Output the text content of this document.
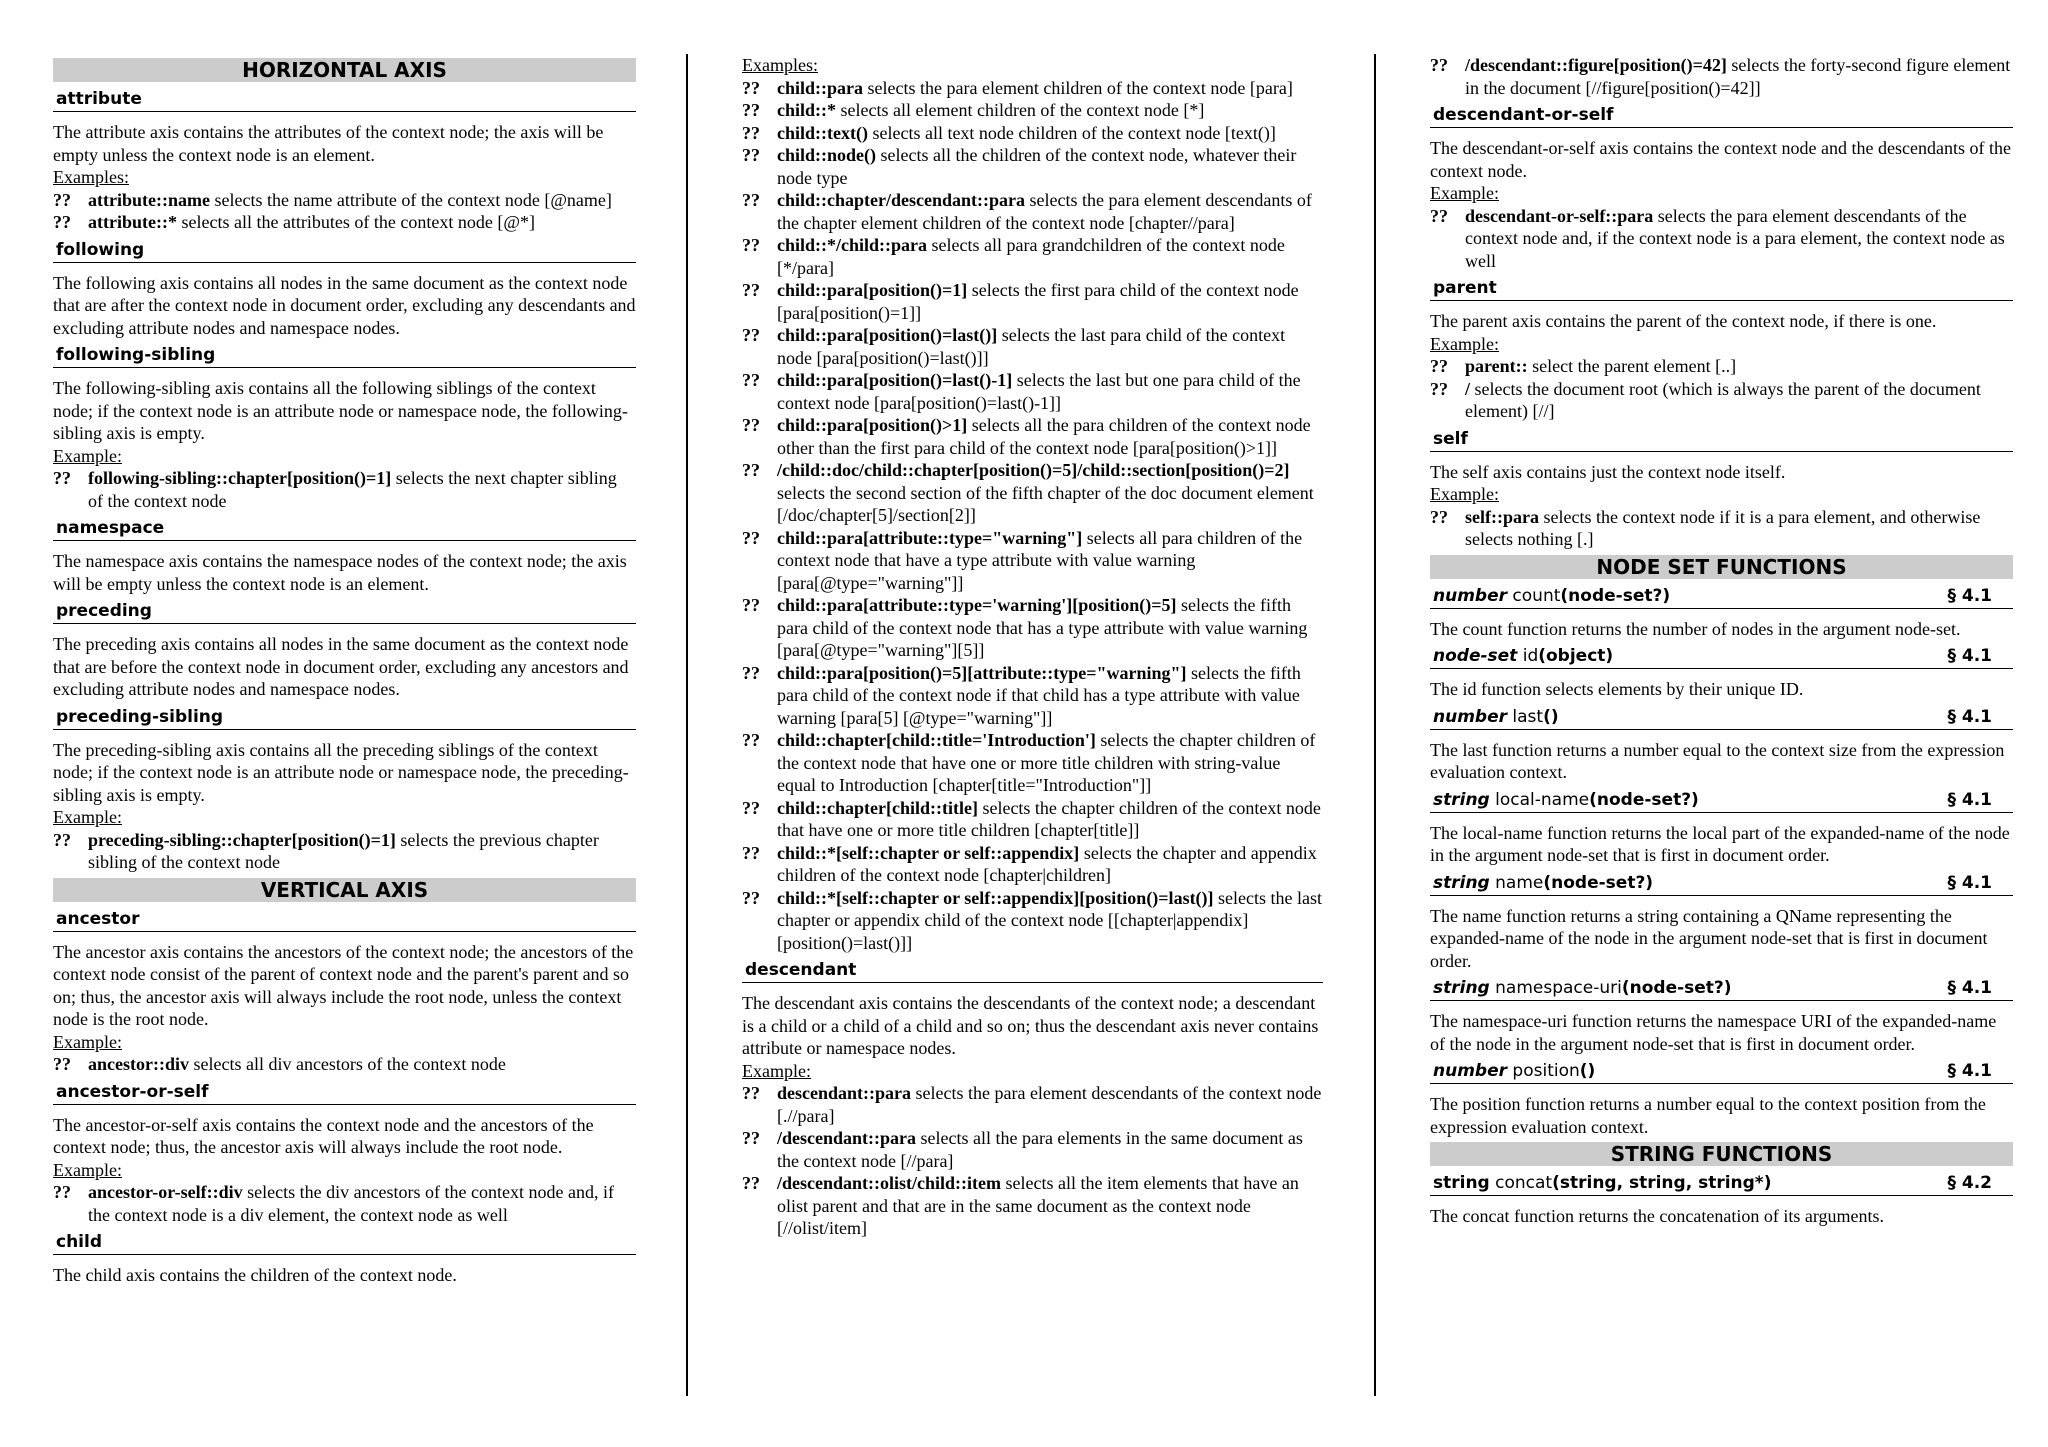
HORIZONTAL AXIS
attribute

The attribute axis contains the attributes of the context node; the axis will be empty unless the context node is an element.

Examples:
?? attribute::name selects the name attribute of the context node [@name]
?? attribute::* selects all the attributes of the context node [@*]
following

The following axis contains all nodes in the same document as the context node that are after the context node in document order, excluding any descendants and excluding attribute nodes and namespace nodes.

following-sibling

The following-sibling axis contains all the following siblings of the context node; if the context node is an attribute node or namespace node, the following-sibling axis is empty.

Example:
?? following-sibling::chapter[position()=1] selects the next chapter sibling of the context node
namespace

The namespace axis contains the namespace nodes of the context node; the axis will be empty unless the context node is an element.

preceding

The preceding axis contains all nodes in the same document as the context node that are before the context node in document order, excluding any ancestors and excluding attribute nodes and namespace nodes.

preceding-sibling

The preceding-sibling axis contains all the preceding siblings of the context node; if the context node is an attribute node or namespace node, the preceding-sibling axis is empty.

Example:
?? preceding-sibling::chapter[position()=1] selects the previous chapter sibling of the context node
VERTICAL AXIS
ancestor

The ancestor axis contains the ancestors of the context node; the ancestors of the context node consist of the parent of context node and the parent's parent and so on; thus, the ancestor axis will always include the root node, unless the context node is the root node.

Example:
?? ancestor::div selects all div ancestors of the context node
ancestor-or-self

The ancestor-or-self axis contains the context node and the ancestors of the context node; thus, the ancestor axis will always include the root node.

Example:
?? ancestor-or-self::div selects the div ancestors of the context node and, if the context node is a div element, the context node as well
child

The child axis contains the children of the context node.

Examples:
?? child::para selects the para element children of the context node [para]
?? child::* selects all element children of the context node [*]
?? child::text() selects all text node children of the context node [text()]
?? child::node() selects all the children of the context node, whatever their node type
?? child::chapter/descendant::para selects the para element descendants of the chapter element children of the context node [chapter//para]
?? child::*/child::para selects all para grandchildren of the context node [*/para]
?? child::para[position()=1] selects the first para child of the context node [para[position()=1]]
?? child::para[position()=last()] selects the last para child of the context node [para[position()=last()]]
?? child::para[position()=last()-1] selects the last but one para child of the context node [para[position()=last()-1]]
?? child::para[position()>1] selects all the para children of the context node other than the first para child of the context node [para[position()>1]]
?? /child::doc/child::chapter[position()=5]/child::section[position()=2] selects the second section of the fifth chapter of the doc document element [/doc/chapter[5]/section[2]]
?? child::para[attribute::type="warning"] selects all para children of the context node that have a type attribute with value warning [para[@type="warning"]]
?? child::para[attribute::type='warning'][position()=5] selects the fifth para child of the context node that has a type attribute with value warning [para[@type="warning"][5]]
?? child::para[position()=5][attribute::type="warning"] selects the fifth para child of the context node if that child has a type attribute with value warning [para[5] [@type="warning"]]
?? child::chapter[child::title='Introduction'] selects the chapter children of the context node that have one or more title children with string-value equal to Introduction [chapter[title="Introduction"]]
?? child::chapter[child::title] selects the chapter children of the context node that have one or more title children [chapter[title]]
?? child::*[self::chapter or self::appendix] selects the chapter and appendix children of the context node [chapter|children]
?? child::*[self::chapter or self::appendix][position()=last()] selects the last chapter or appendix child of the context node [[chapter|appendix][position()=last()]]
descendant

The descendant axis contains the descendants of the context node; a descendant is a child or a child of a child and so on; thus the descendant axis never contains attribute or namespace nodes.

Example:
?? descendant::para selects the para element descendants of the context node [.//para]
?? /descendant::para selects all the para elements in the same document as the context node [//para]
?? /descendant::olist/child::item selects all the item elements that have an olist parent and that are in the same document as the context node [//olist/item]
?? /descendant::figure[position()=42] selects the forty-second figure element in the document [//figure[position()=42]]
descendant-or-self

The descendant-or-self axis contains the context node and the descendants of the context node.

Example:
?? descendant-or-self::para selects the para element descendants of the context node and, if the context node is a para element, the context node as well
parent

The parent axis contains the parent of the context node, if there is one.

Example:
?? parent:: select the parent element [..]
?? / selects the document root (which is always the parent of the document element) [//]
self

The self axis contains just the context node itself.

Example:
?? self::para selects the context node if it is a para element, and otherwise selects nothing [.]
NODE SET FUNCTIONS
number count(node-set?)	§ 4.1

The count function returns the number of nodes in the argument node-set.

node-set id(object)	§ 4.1

The id function selects elements by their unique ID.

number last()	§ 4.1

The last function returns a number equal to the context size from the expression evaluation context.

string local-name(node-set?)	§ 4.1

The local-name function returns the local part of the expanded-name of the node in the argument node-set that is first in document order.

string name(node-set?)	§ 4.1

The name function returns a string containing a QName representing the expanded-name of the node in the argument node-set that is first in document order.

string namespace-uri(node-set?)	§ 4.1

The namespace-uri function returns the namespace URI of the expanded-name of the node in the argument node-set that is first in document order.

number position()	§ 4.1

The position function returns a number equal to the context position from the expression evaluation context.

STRING FUNCTIONS
string concat(string, string, string*)	§ 4.2

The concat function returns the concatenation of its arguments.
